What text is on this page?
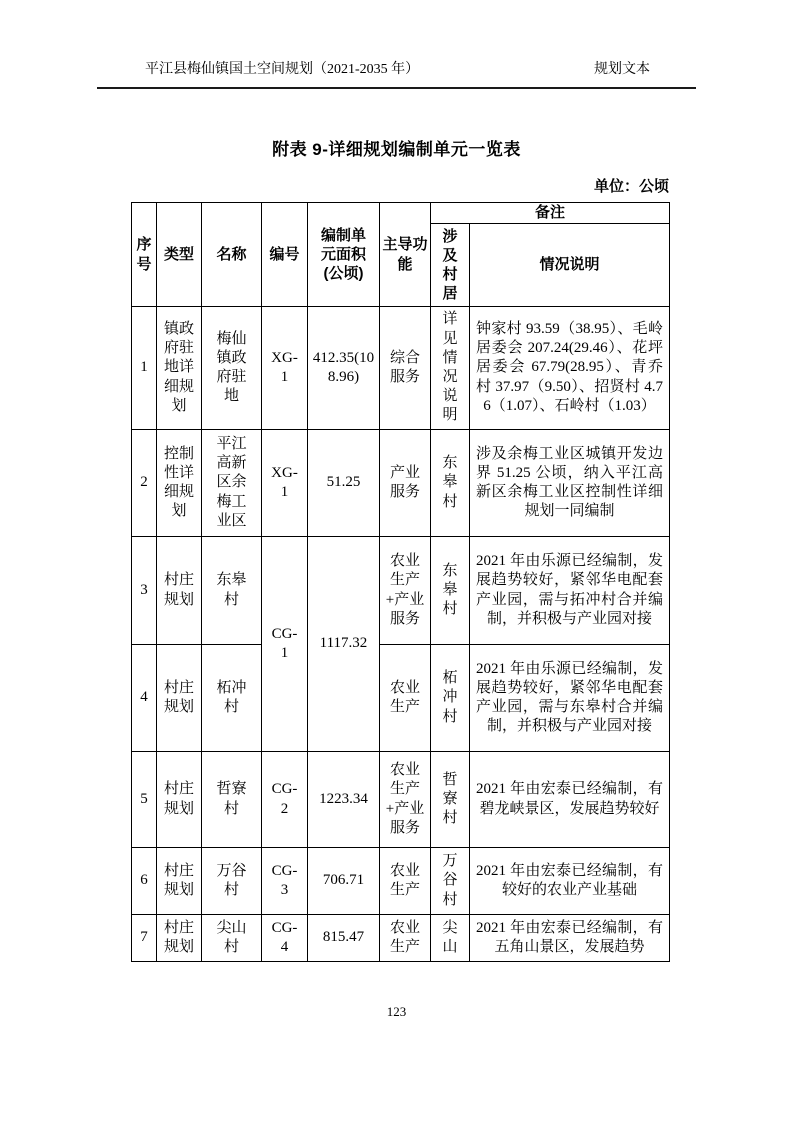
平江县梅仙镇国土空间规划（2021-2035 年）	规划文本
附表 9-详细规划编制单元一览表
单位：公顷
序号	类型	名称	编号	编制单元面积(公顷)	主导功能	备注	
						涉及村居	情况说明
1	镇政府驻地详细规划	梅仙镇政府驻地	XG-1	412.35(108.96)	综合服务	详见情况说明	钟家村 93.59（38.95）、毛岭居委会 207.24(29.46）、花坪居委会 67.79(28.95）、青乔村 37.97（9.50）、招贤村 4.76（1.07）、石岭村（1.03）
2	控制性详细规划	平江高新区余梅工业区	XG-1	51.25	产业服务	东皋村	涉及余梅工业区城镇开发边界 51.25 公顷，纳入平江高新区余梅工业区控制性详细规划一同编制
3	村庄规划	东皋村	CG-1	1117.32	农业生产+产业服务	东皋村	2021 年由乐源已经编制，发展趋势较好，紧邻华电配套产业园，需与拓冲村合并编制，并积极与产业园对接
4	村庄规划	柘冲村			农业生产	柘冲村	2021 年由乐源已经编制，发展趋势较好，紧邻华电配套产业园，需与东皋村合并编制，并积极与产业园对接
5	村庄规划	哲寮村	CG-2	1223.34	农业生产+产业服务	哲寮村	2021 年由宏泰已经编制，有碧龙峡景区，发展趋势较好
6	村庄规划	万谷村	CG-3	706.71	农业生产	万谷村	2021 年由宏泰已经编制，有较好的农业产业基础
7	村庄规划	尖山村	CG-4	815.47	农业生产	尖山	2021 年由宏泰已经编制，有五角山景区，发展趋势
123
